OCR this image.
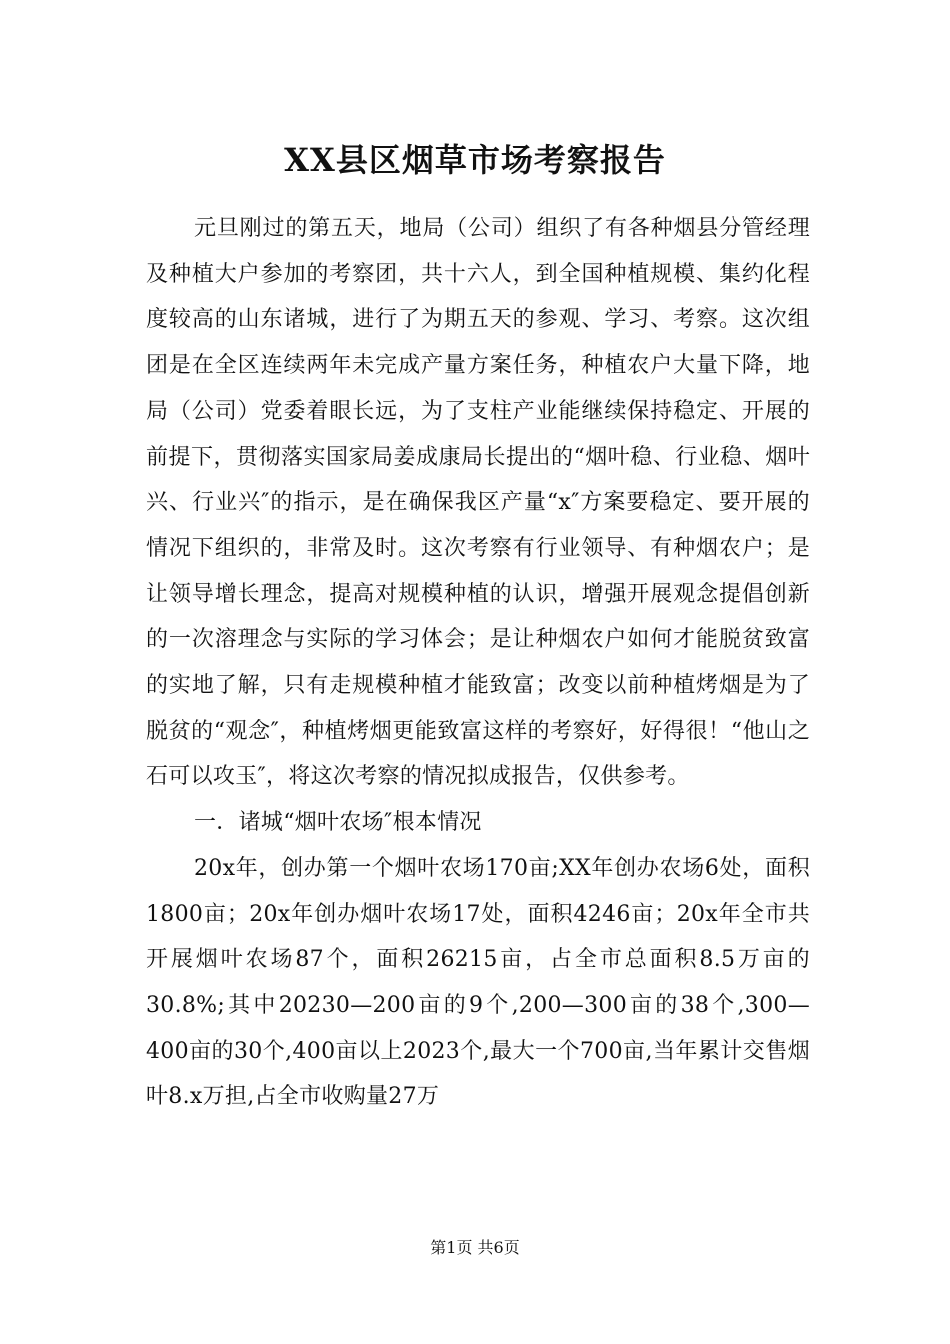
XX县区烟草市场考察报告

元旦刚过的第五天，地局（公司）组织了有各种烟县分管经理及种植大户参加的考察团，共十六人，到全国种植规模、集约化程度较高的山东诸城，进行了为期五天的参观、学习、考察。这次组团是在全区连续两年未完成产量方案任务，种植农户大量下降，地局（公司）党委着眼长远，为了支柱产业能继续保持稳定、开展的前提下，贯彻落实国家局姜成康局长提出的“烟叶稳、行业稳、烟叶兴、行业兴″的指示，是在确保我区产量“x″方案要稳定、要开展的情况下组织的，非常及时。这次考察有行业领导、有种烟农户；是让领导增长理念，提高对规模种植的认识，增强开展观念提倡创新的一次溶理念与实际的学习体会；是让种烟农户如何才能脱贫致富的实地了解，只有走规模种植才能致富；改变以前种植烤烟是为了脱贫的“观念″，种植烤烟更能致富这样的考察好，好得很！“他山之石可以攻玉″，将这次考察的情况拟成报告，仅供参考。

一．诸城“烟叶农场″根本情况

20x年，创办第一个烟叶农场170亩;XX年创办农场6处，面积1800亩；20x年创办烟叶农场17处，面积4246亩；20x年全市共开展烟叶农场87个，面积26215亩，占全市总面积8.5万亩的30.8%;其中20230—200亩的9个,200—300亩的38个,300—400亩的30个,400亩以上2023个,最大一个700亩,当年累计交售烟叶8.x万担,占全市收购量27万

第1页 共6页
